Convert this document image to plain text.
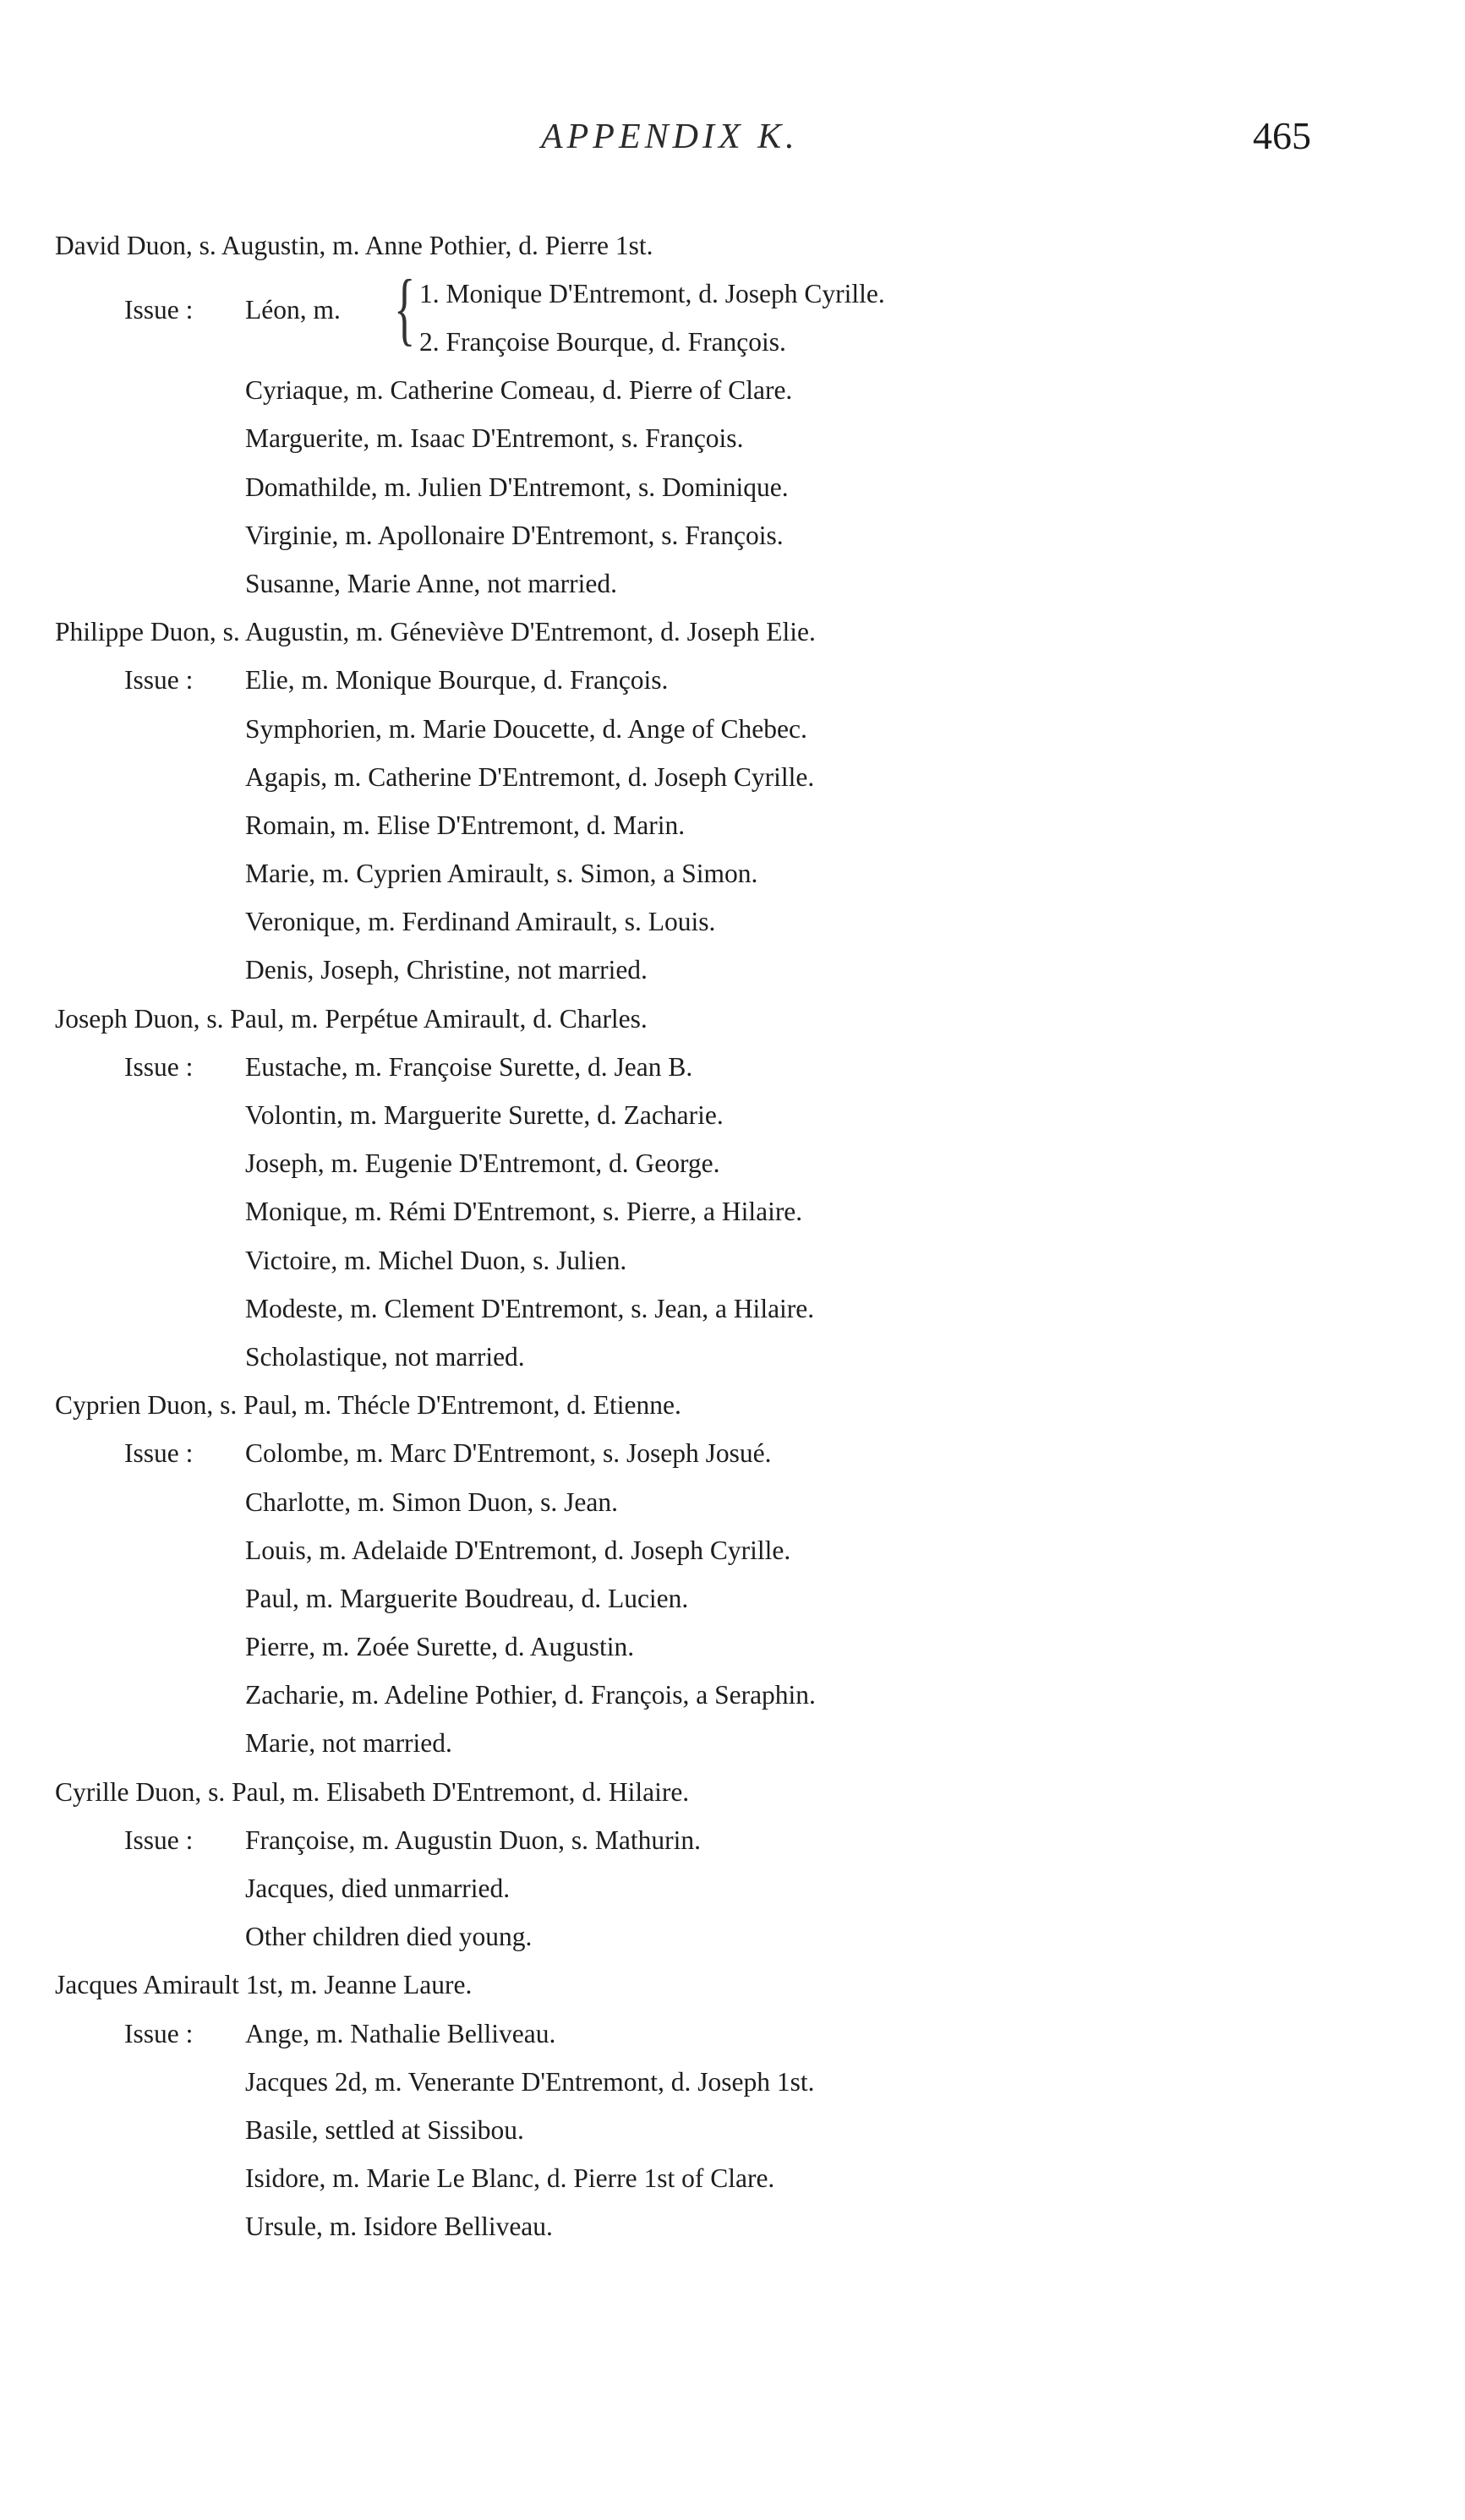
APPENDIX K.	465
David Duon, s. Augustin, m. Anne Pothier, d. Pierre 1st.
Issue : Léon, m. { 1. Monique D'Entremont, d. Joseph Cyrille.
2. Françoise Bourque, d. François.
Cyriaque, m. Catherine Comeau, d. Pierre of Clare.
Marguerite, m. Isaac D'Entremont, s. François.
Domathilde, m. Julien D'Entremont, s. Dominique.
Virginie, m. Apollonaire D'Entremont, s. François.
Susanne, Marie Anne, not married.
Philippe Duon, s. Augustin, m. Géneviève D'Entremont, d. Joseph Elie.
Issue : Elie, m. Monique Bourque, d. François.
Symphorien, m. Marie Doucette, d. Ange of Chebec.
Agapis, m. Catherine D'Entremont, d. Joseph Cyrille.
Romain, m. Elise D'Entremont, d. Marin.
Marie, m. Cyprien Amirault, s. Simon, a Simon.
Veronique, m. Ferdinand Amirault, s. Louis.
Denis, Joseph, Christine, not married.
Joseph Duon, s. Paul, m. Perpétue Amirault, d. Charles.
Issue : Eustache, m. Françoise Surette, d. Jean B.
Volontin, m. Marguerite Surette, d. Zacharie.
Joseph, m. Eugenie D'Entremont, d. George.
Monique, m. Rémi D'Entremont, s. Pierre, a Hilaire.
Victoire, m. Michel Duon, s. Julien.
Modeste, m. Clement D'Entremont, s. Jean, a Hilaire.
Scholastique, not married.
Cyprien Duon, s. Paul, m. Thécle D'Entremont, d. Etienne.
Issue : Colombe, m. Marc D'Entremont, s. Joseph Josué.
Charlotte, m. Simon Duon, s. Jean.
Louis, m. Adelaide D'Entremont, d. Joseph Cyrille.
Paul, m. Marguerite Boudreau, d. Lucien.
Pierre, m. Zoée Surette, d. Augustin.
Zacharie, m. Adeline Pothier, d. François, a Seraphin.
Marie, not married.
Cyrille Duon, s. Paul, m. Elisabeth D'Entremont, d. Hilaire.
Issue : Françoise, m. Augustin Duon, s. Mathurin.
Jacques, died unmarried.
Other children died young.
Jacques Amirault 1st, m. Jeanne Laure.
Issue : Ange, m. Nathalie Belliveau.
Jacques 2d, m. Venerante D'Entremont, d. Joseph 1st.
Basile, settled at Sissibou.
Isidore, m. Marie Le Blanc, d. Pierre 1st of Clare.
Ursule, m. Isidore Belliveau.
